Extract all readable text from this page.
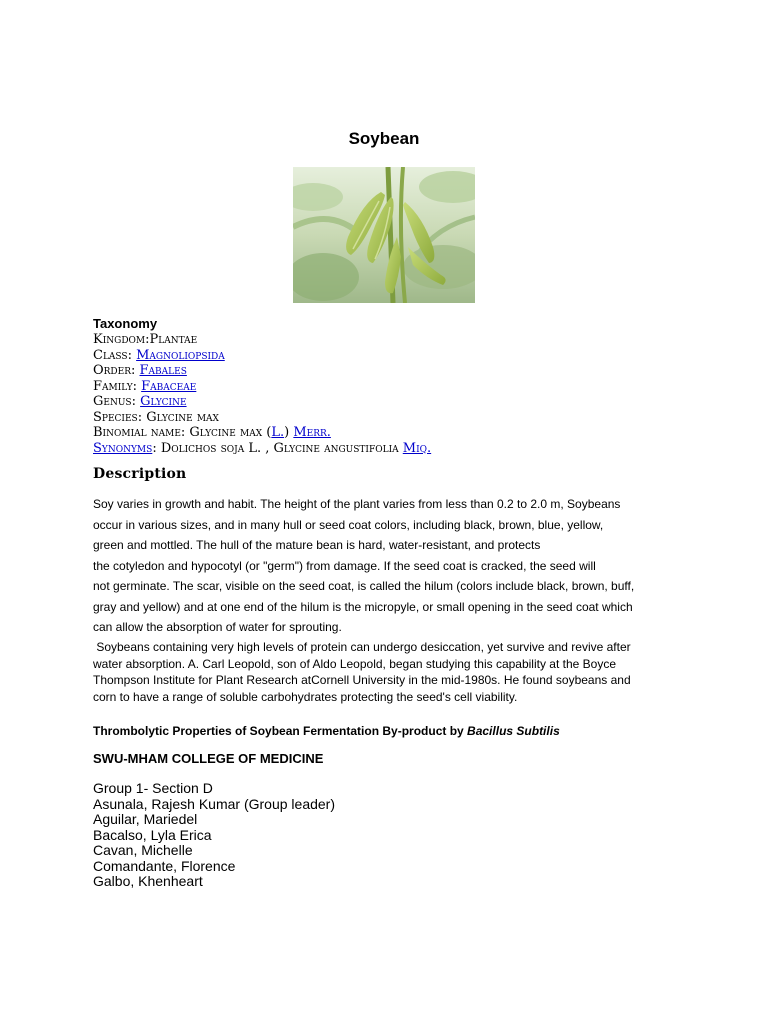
Soybean
Taxonomy
Kingdom:Plantae
Class: Magnoliopsida
Order: Fabales
Family: Fabaceae
Genus: Glycine
Species: Glycine max
Binomial name: Glycine max (L.) Merr.
Synonyms: Dolichos soja L. , Glycine angustifolia Miq.
Description
Soy varies in growth and habit. The height of the plant varies from less than 0.2 to 2.0 m, Soybeans
occur in various sizes, and in many hull or seed coat colors, including black, brown, blue, yellow,
green and mottled. The hull of the mature bean is hard, water-resistant, and protects
the cotyledon and hypocotyl (or "germ") from damage. If the seed coat is cracked, the seed will
not germinate. The scar, visible on the seed coat, is called the hilum (colors include black, brown, buff,
gray and yellow) and at one end of the hilum is the micropyle, or small opening in the seed coat which
can allow the absorption of water for sprouting.
Soybeans containing very high levels of protein can undergo desiccation, yet survive and revive after
water absorption. A. Carl Leopold, son of Aldo Leopold, began studying this capability at the Boyce
Thompson Institute for Plant Research atCornell University in the mid-1980s. He found soybeans and
corn to have a range of soluble carbohydrates protecting the seed's cell viability.
Thrombolytic Properties of Soybean Fermentation By-product by Bacillus Subtilis
SWU-MHAM COLLEGE OF MEDICINE
Group 1- Section D
Asunala, Rajesh Kumar (Group leader)
Aguilar, Mariedel
Bacalso, Lyla Erica
Cavan, Michelle
Comandante, Florence
Galbo, Khenheart
